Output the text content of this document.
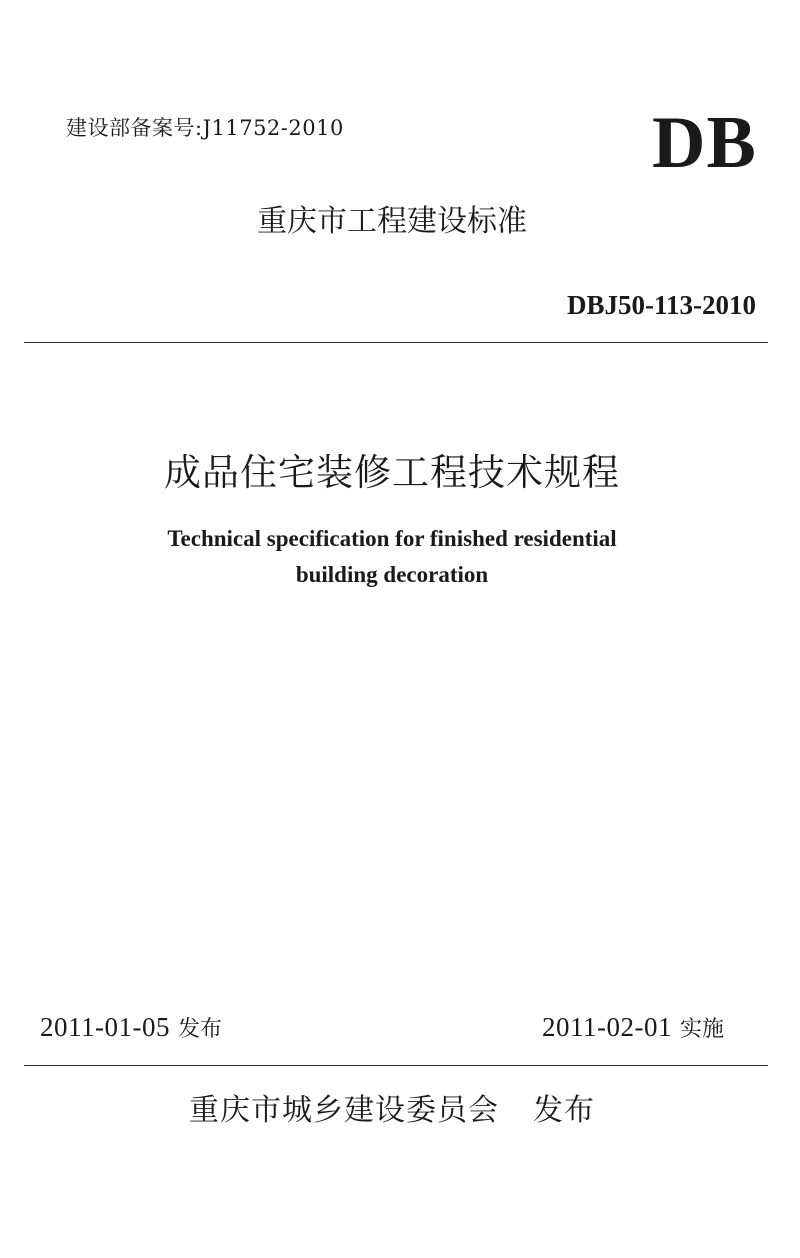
建设部备案号:J11752-2010	DB
重庆市工程建设标准
DBJ50-113-2010
成品住宅装修工程技术规程
Technical specification for finished residential
building decoration
2011-01-05 发布	2011-02-01 实施
重庆市城乡建设委员会 发布
